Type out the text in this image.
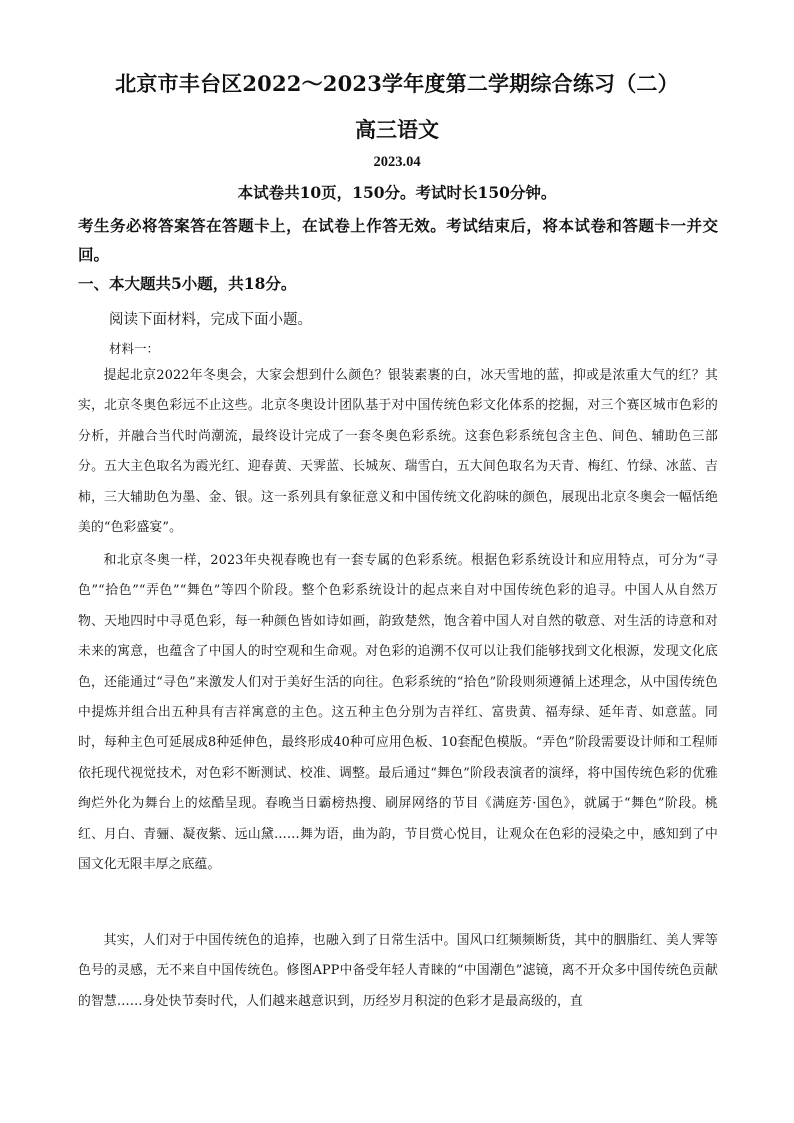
北京市丰台区2022～2023学年度第二学期综合练习（二）
高三语文
2023.04
本试卷共10页，150分。考试时长150分钟。
考生务必将答案答在答题卡上，在试卷上作答无效。考试结束后，将本试卷和答题卡一并交回。
一、本大题共5小题，共18分。
阅读下面材料，完成下面小题。
材料一：

提起北京2022年冬奥会，大家会想到什么颜色？银装素裹的白，冰天雪地的蓝，抑或是浓重大气的红？其实，北京冬奥色彩远不止这些。北京冬奥设计团队基于对中国传统色彩文化体系的挖掘，对三个赛区城市色彩的分析，并融合当代时尚潮流，最终设计完成了一套冬奥色彩系统。这套色彩系统包含主色、间色、辅助色三部分。五大主色取名为霞光红、迎春黄、天霁蓝、长城灰、瑞雪白，五大间色取名为天青、梅红、竹绿、冰蓝、吉柿，三大辅助色为墨、金、银。这一系列具有象征意义和中国传统文化韵味的颜色，展现出北京冬奥会一幅恬绝美的“色彩盛宴”。

和北京冬奥一样，2023年央视春晚也有一套专属的色彩系统。根据色彩系统设计和应用特点，可分为“寻色”“拾色”“弄色”“舞色”等四个阶段。整个色彩系统设计的起点来自对中国传统色彩的追寻。中国人从自然万物、天地四时中寻觅色彩，每一种颜色皆如诗如画，韵致楚然，饱含着中国人对自然的敬意、对生活的诗意和对未来的寓意，也蕴含了中国人的时空观和生命观。对色彩的追溯不仅可以让我们能够找到文化根源，发现文化底色，还能通过“寻色”来激发人们对于美好生活的向往。色彩系统的“拾色”阶段则须遵循上述理念，从中国传统色中提炼并组合出五种具有吉祥寓意的主色。这五种主色分别为吉祥红、富贵黄、福寿绿、延年青、如意蓝。同时，每种主色可延展成8种延伸色，最终形成40种可应用色板、10套配色模版。“弄色”阶段需要设计师和工程师依托现代视觉技术，对色彩不断测试、校准、调整。最后通过“舞色”阶段表演者的演绎，将中国传统色彩的优雅绚烂外化为舞台上的炫酷呈现。春晚当日霸榜热搜、刷屏网络的节目《满庭芳·国色》，就属于“舞色”阶段。桃红、月白、青骊、凝夜紫、远山黛……舞为语，曲为韵，节目赏心悦目，让观众在色彩的浸染之中，感知到了中国文化无限丰厚之底蕴。

其实，人们对于中国传统色的追捧，也融入到了日常生活中。国风口红频频断货，其中的胭脂红、美人霁等色号的灵感，无不来自中国传统色。修图APP中备受年轻人青睐的“中国潮色”滤镜，离不开众多中国传统色贡献的智慧……身处快节奏时代，人们越来越意识到，历经岁月积淀的色彩才是最高级的，直
